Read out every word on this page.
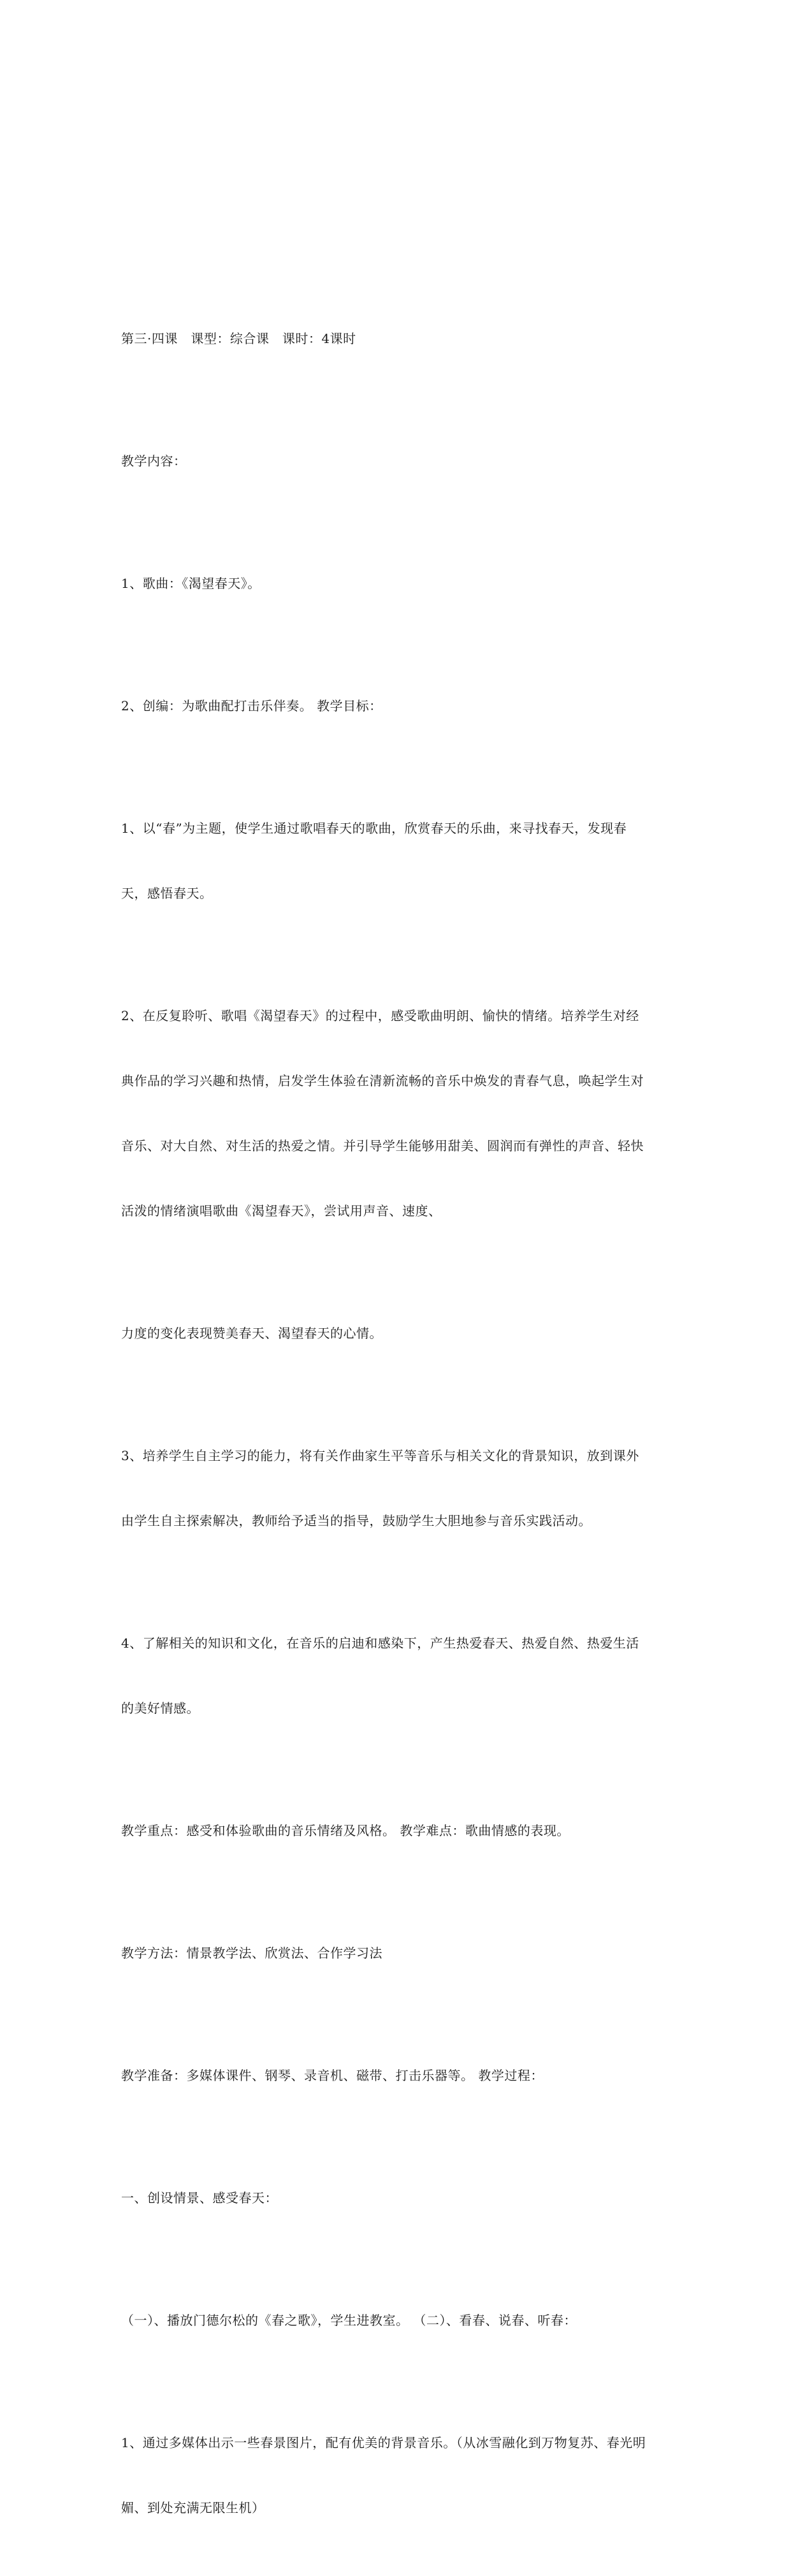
第三·四课　课型：综合课　课时：4课时

教学内容：

1、歌曲：《渴望春天》。

2、创编：为歌曲配打击乐伴奏。 教学目标：

1、以“春”为主题，使学生通过歌唱春天的歌曲，欣赏春天的乐曲，来寻找春天，发现春

天，感悟春天。

2、在反复聆听、歌唱《渴望春天》的过程中，感受歌曲明朗、愉快的情绪。培养学生对经

典作品的学习兴趣和热情，启发学生体验在清新流畅的音乐中焕发的青春气息，唤起学生对

音乐、对大自然、对生活的热爱之情。并引导学生能够用甜美、圆润而有弹性的声音、轻快

活泼的情绪演唱歌曲《渴望春天》，尝试用声音、速度、

力度的变化表现赞美春天、渴望春天的心情。

3、培养学生自主学习的能力，将有关作曲家生平等音乐与相关文化的背景知识，放到课外

由学生自主探索解决，教师给予适当的指导，鼓励学生大胆地参与音乐实践活动。

4、了解相关的知识和文化，在音乐的启迪和感染下，产生热爱春天、热爱自然、热爱生活

的美好情感。

教学重点：感受和体验歌曲的音乐情绪及风格。 教学难点：歌曲情感的表现。

教学方法：情景教学法、欣赏法、合作学习法

教学准备：多媒体课件、钢琴、录音机、磁带、打击乐器等。 教学过程：

一、创设情景、感受春天：

（一）、播放门德尔松的《春之歌》，学生进教室。 （二）、看春、说春、听春：

1、通过多媒体出示一些春景图片，配有优美的背景音乐。（从冰雪融化到万物复苏、春光明

媚、到处充满无限生机）
